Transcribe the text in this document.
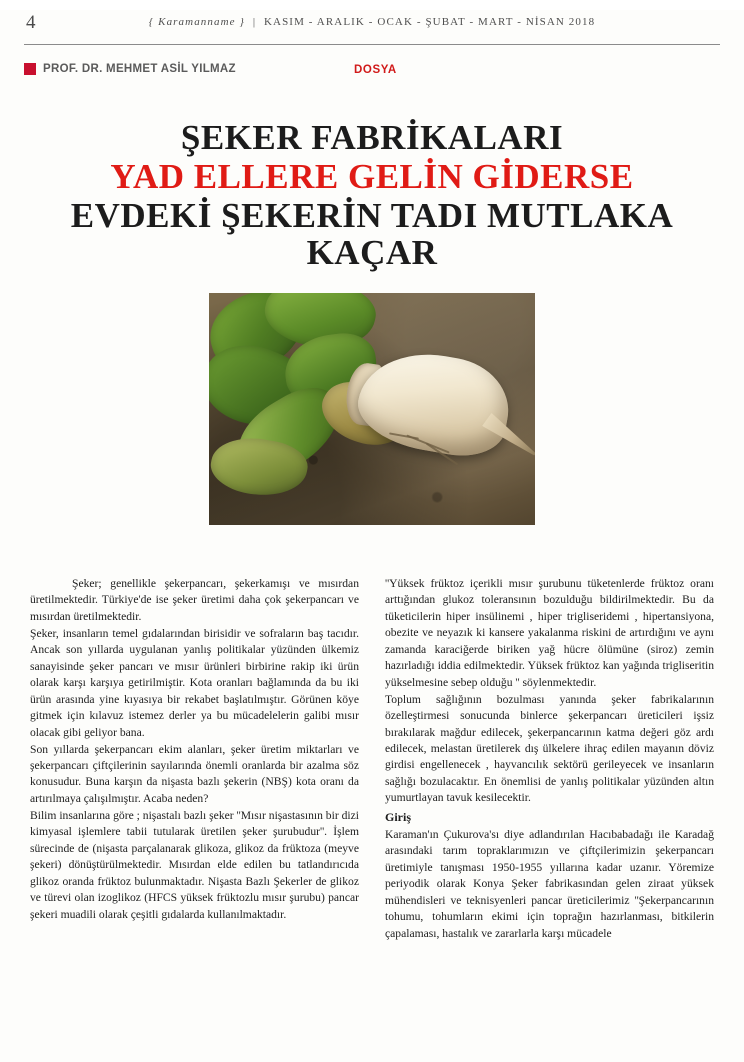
4	{ Karamanname } | KASIM - ARALIK - OCAK - ŞUBAT - MART - NİSAN 2018
PROF. DR. MEHMET ASİL YILMAZ	DOSYA
ŞEKER FABRİKALARI
YAD ELLERE GELİN GİDERSE
EVDEKİ ŞEKERİN TADI MUTLAKA KAÇAR

Şeker; genellikle şekerpancarı, şekerkamışı ve mısırdan üretilmektedir. Türkiye'de ise şeker üretimi daha çok şekerpancarı ve mısırdan üretilmektedir.

Şeker, insanların temel gıdalarından birisidir ve sofraların baş tacıdır. Ancak son yıllarda uygulanan yanlış politikalar yüzünden ülkemiz sanayisinde şeker pancarı ve mısır ürünleri birbirine rakip iki ürün olarak karşı karşıya getirilmiştir. Kota oranları bağlamında da bu iki ürün arasında yine kıyasıya bir rekabet başlatılmıştır. Görünen köye gitmek için kılavuz istemez derler ya bu mücadelelerin galibi mısır olacak gibi geliyor bana.

Son yıllarda şekerpancarı ekim alanları, şeker üretim miktarları ve şekerpancarı çiftçilerinin sayılarında önemli oranlarda bir azalma söz konusudur. Buna karşın da nişasta bazlı şekerin (NBŞ) kota oranı da artırılmaya çalışılmıştır. Acaba neden?

Bilim insanlarına göre ; nişastalı bazlı şeker ''Mısır nişastasının bir dizi kimyasal işlemlere tabii tutularak üretilen şeker şurubudur''. İşlem sürecinde de (nişasta parçalanarak glikoza, glikoz da früktoza (meyve şekeri) dönüştürülmektedir. Mısırdan elde edilen bu tatlandırıcıda glikoz oranda früktoz bulunmaktadır. Nişasta Bazlı Şekerler de glikoz ve türevi olan izoglikoz (HFCS yüksek früktozlu mısır şurubu) pancar şekeri muadili olarak çeşitli gıdalarda kullanılmaktadır.

''Yüksek früktoz içerikli mısır şurubunu tüketenlerde früktoz oranı arttığından glukoz toleransının bozulduğu bildirilmektedir. Bu da tüketicilerin hiper insülinemi , hiper trigliseridemi , hipertansiyona, obezite ve neyazık ki kansere yakalanma riskini de artırdığını ve aynı zamanda karaciğerde biriken yağ hücre ölümüne (siroz) zemin hazırladığı iddia edilmektedir. Yüksek früktoz kan yağında trigliseritin yükselmesine sebep olduğu '' söylenmektedir.

Toplum sağlığının bozulması yanında şeker fabrikalarının özelleştirmesi sonucunda binlerce şekerpancarı üreticileri işsiz bırakılarak mağdur edilecek, şekerpancarının katma değeri göz ardı edilecek, melastan üretilerek dış ülkelere ihraç edilen mayanın döviz girdisi engellenecek , hayvancılık sektörü gerileyecek ve insanların sağlığı bozulacaktır. En önemlisi de yanlış politikalar yüzünden altın yumurtlayan tavuk kesilecektir.

Giriş

Karaman'ın Çukurova'sı diye adlandırılan Hacıbabadağı ile Karadağ arasındaki tarım topraklarımızın ve çiftçilerimizin şekerpancarı üretimiyle tanışması 1950-1955 yıllarına kadar uzanır. Yöremize periyodik olarak Konya Şeker fabrikasından gelen ziraat yüksek mühendisleri ve teknisyenleri pancar üreticilerimiz ''Şekerpancarının tohumu, tohumların ekimi için toprağın hazırlanması, bitkilerin çapalaması, hastalık ve zararlarla karşı mücadele
